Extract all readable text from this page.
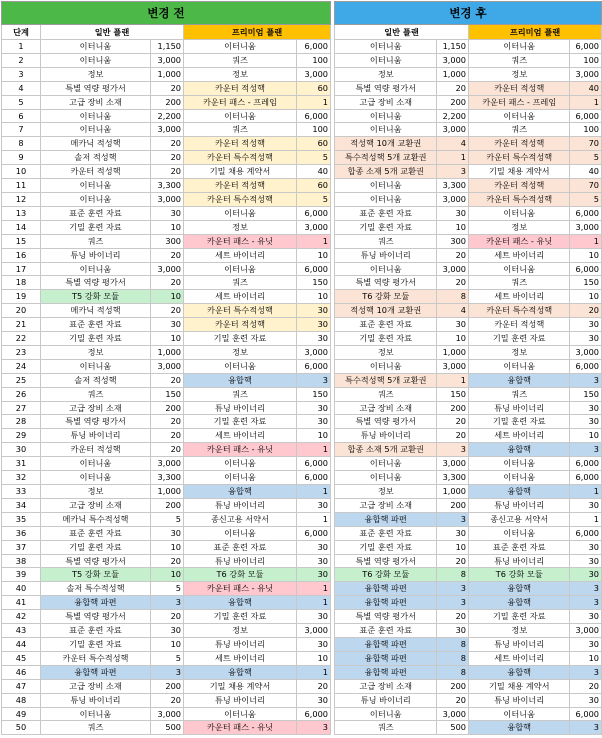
변경 전				
단계	일반 플랜		프리미엄 플랜	
1	이터니움	1,150	이터니움	6,000
2	이터니움	3,000	쿼즈	100
3	정보	1,000	정보	3,000
4	특별 역량 평가서	20	카운터 적성핵	60
5	고급 장비 소재	200	카운터 패스 - 프레임	1
6	이터니움	2,200	이터니움	6,000
7	이터니움	3,000	쿼즈	100
8	메카닉 적성핵	20	카운터 적성핵	60
9	솔저 적성핵	20	카운터 특수적성핵	5
10	카운터 적성핵	20	기밀 채용 계약서	40
11	이터니움	3,300	카운터 적성핵	60
12	이터니움	3,000	카운터 특수적성핵	5
13	표준 훈련 자료	30	이터니움	6,000
14	기밀 훈련 자료	10	정보	3,000
15	쿼즈	300	카운터 패스 - 유닛	1
16	튜닝 바이너리	20	세트 바이너리	10
17	이터니움	3,000	이터니움	6,000
18	특별 역량 평가서	20	쿼즈	150
19	T5 강화 모듈	10	세트 바이너리	10
20	메카닉 적성핵	20	카운터 특수적성핵	30
21	표준 훈련 자료	30	카운터 적성핵	30
22	기밀 훈련 자료	10	기밀 훈련 자료	30
23	정보	1,000	정보	3,000
24	이터니움	3,000	이터니움	6,000
25	솔저 적성핵	20	융합핵	3
26	쿼즈	150	쿼즈	150
27	고급 장비 소재	200	튜닝 바이너리	30
28	특별 역량 평가서	20	기밀 훈련 자료	30
29	튜닝 바이너리	20	세트 바이너리	10
30	카운터 적성핵	20	카운터 패스 - 유닛	1
31	이터니움	3,000	이터니움	6,000
32	이터니움	3,300	이터니움	6,000
33	정보	1,000	융합핵	1
34	고급 장비 소재	200	튜닝 바이너리	30
35	메카닉 특수적성핵	5	종신고용 서약서	1
36	표준 훈련 자료	30	이터니움	6,000
37	기밀 훈련 자료	10	표준 훈련 자료	30
38	특별 역량 평가서	20	튜닝 바이너리	30
39	T5 강화 모듈	10	T6 강화 모듈	30
40	솔저 특수적성핵	5	카운터 패스 - 유닛	1
41	융합핵 파편	3	융합핵	1
42	특별 역량 평가서	20	기밀 훈련 자료	30
43	표준 훈련 자료	30	정보	3,000
44	기밀 훈련 자료	10	튜닝 바이너리	30
45	카운터 특수적성핵	5	세트 바이너리	10
46	융합핵 파편	3	융합핵	1
47	고급 장비 소재	200	기밀 채용 계약서	20
48	튜닝 바이너리	20	튜닝 바이너리	30
49	이터니움	3,000	이터니움	6,000
50	쿼즈	500	카운터 패스 - 유닛	3
변경 후			
일반 플랜		프리미엄 플랜	
이터니움	1,150	이터니움	6,000
이터니움	3,000	쿼즈	100
정보	1,000	정보	3,000
특별 역량 평가서	20	카운터 적성핵	40
고급 장비 소재	200	카운터 패스 - 프레임	1
이터니움	2,200	이터니움	6,000
이터니움	3,000	쿼즈	100
적성핵 10개 교환권	4	카운터 적성핵	70
특수적성핵 5개 교환권	1	카운터 특수적성핵	5
합종 소재 5개 교환권	3	기밀 채용 계약서	40
이터니움	3,300	카운터 적성핵	70
이터니움	3,000	카운터 특수적성핵	5
표준 훈련 자료	30	이터니움	6,000
기밀 훈련 자료	10	정보	3,000
쿼즈	300	카운터 패스 - 유닛	1
튜닝 바이너리	20	세트 바이너리	10
이터니움	3,000	이터니움	6,000
특별 역량 평가서	20	쿼즈	150
T6 강화 모듈	8	세트 바이너리	10
적성핵 10개 교환권	4	카운터 특수적성핵	20
표준 훈련 자료	30	카운터 적성핵	30
기밀 훈련 자료	10	기밀 훈련 자료	30
정보	1,000	정보	3,000
이터니움	3,000	이터니움	6,000
특수적성핵 5개 교환권	1	융합핵	3
쿼즈	150	쿼즈	150
고급 장비 소재	200	튜닝 바이너리	30
특별 역량 평가서	20	기밀 훈련 자료	30
튜닝 바이너리	20	세트 바이너리	10
합종 소재 5개 교환권	3	융합핵	3
이터니움	3,000	이터니움	6,000
이터니움	3,300	이터니움	6,000
정보	1,000	융합핵	1
고급 장비 소재	200	튜닝 바이너리	30
융합핵 파편	3	종신고용 서약서	1
표준 훈련 자료	30	이터니움	6,000
기밀 훈련 자료	10	표준 훈련 자료	30
특별 역량 평가서	20	튜닝 바이너리	30
T6 강화 모듈	8	T6 강화 모듈	30
융합핵 파편	3	융합핵	3
융합핵 파편	3	융합핵	3
특별 역량 평가서	20	기밀 훈련 자료	30
표준 훈련 자료	30	정보	3,000
융합핵 파편	8	튜닝 바이너리	30
융합핵 파편	8	세트 바이너리	10
융합핵 파편	8	융합핵	3
고급 장비 소재	200	기밀 채용 계약서	20
튜닝 바이너리	20	튜닝 바이너리	30
이터니움	3,000	이터니움	6,000
쿼즈	500	융합핵	3
